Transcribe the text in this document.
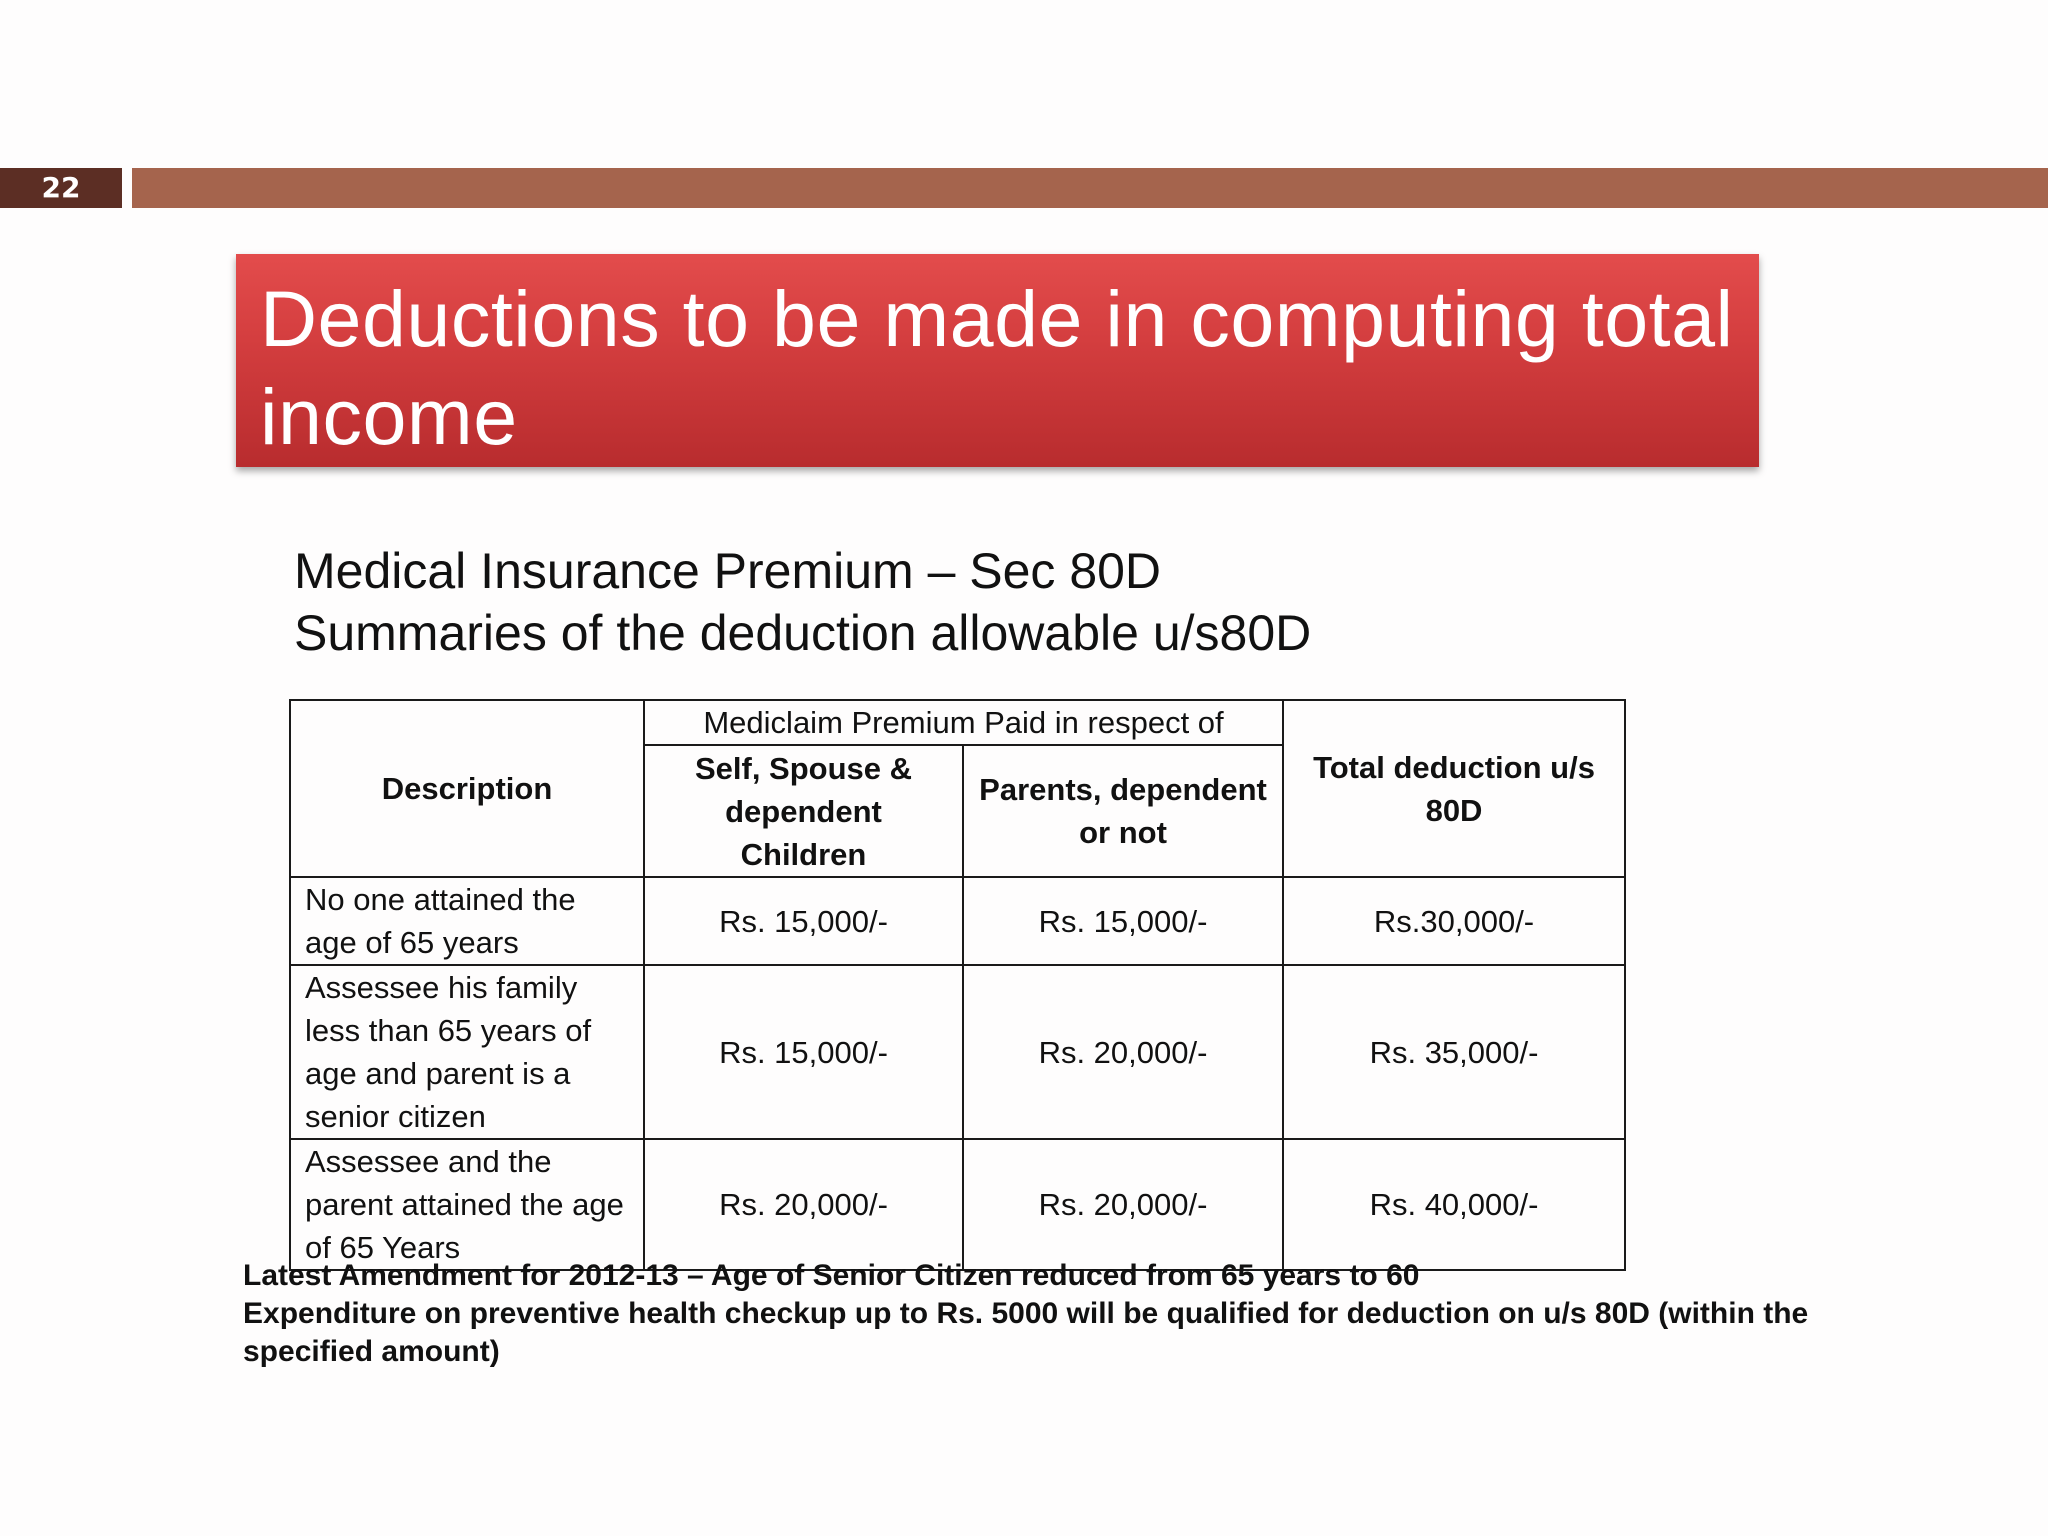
22
Deductions to be made in computing total income
Medical Insurance Premium – Sec 80D
Summaries of the deduction allowable u/s80D
Description	Mediclaim Premium Paid in respect of		Total deduction u/s 80D
	Self, Spouse & dependent Children	Parents, dependent or not	
No one attained the age of 65 years	Rs. 15,000/-	Rs. 15,000/-	Rs.30,000/-
Assessee his family less than 65 years of age and parent is a senior citizen	Rs. 15,000/-	Rs. 20,000/-	Rs. 35,000/-
Assessee and the parent attained the age of 65 Years	Rs. 20,000/-	Rs. 20,000/-	Rs. 40,000/-
Latest Amendment for 2012-13 – Age of Senior Citizen reduced from 65 years to 60
Expenditure on preventive health checkup up to Rs. 5000 will be qualified for deduction on u/s 80D (within the specified amount)
